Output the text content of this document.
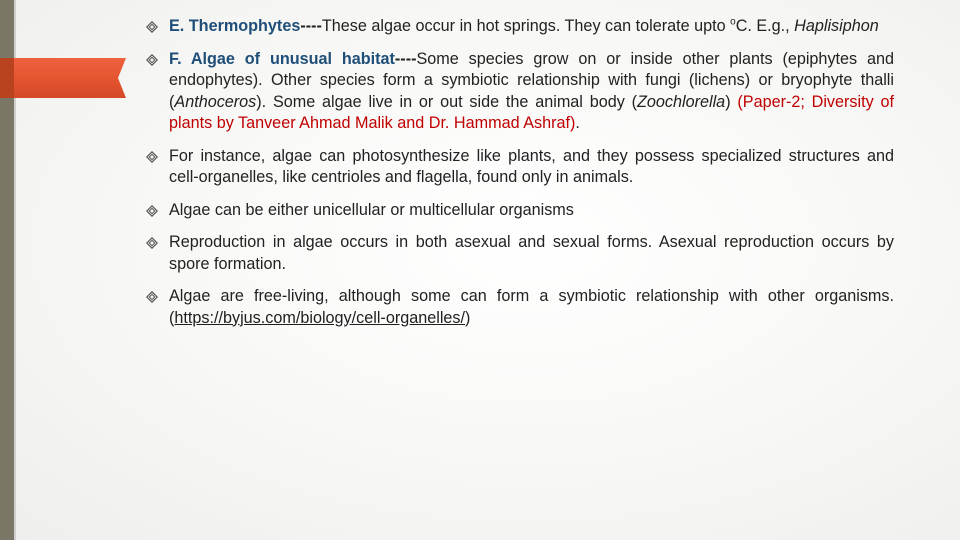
E. Thermophytes----These algae occur in hot springs. They can tolerate upto $^o$C. E.g., Haplisiphon
F. Algae of unusual habitat----Some species grow on or inside other plants (epiphytes and endophytes). Other species form a symbiotic relationship with fungi (lichens) or bryophyte thalli (Anthoceros). Some algae live in or out side the animal body (Zoochlorella) (Paper-2; Diversity of plants by Tanveer Ahmad Malik and Dr. Hammad Ashraf).
For instance, algae can photosynthesize like plants, and they possess specialized structures and cell-organelles, like centrioles and flagella, found only in animals.
Algae can be either unicellular or multicellular organisms
Reproduction in algae occurs in both asexual and sexual forms. Asexual reproduction occurs by spore formation.
Algae are free-living, although some can form a symbiotic relationship with other organisms. (https://byjus.com/biology/cell-organelles/)
